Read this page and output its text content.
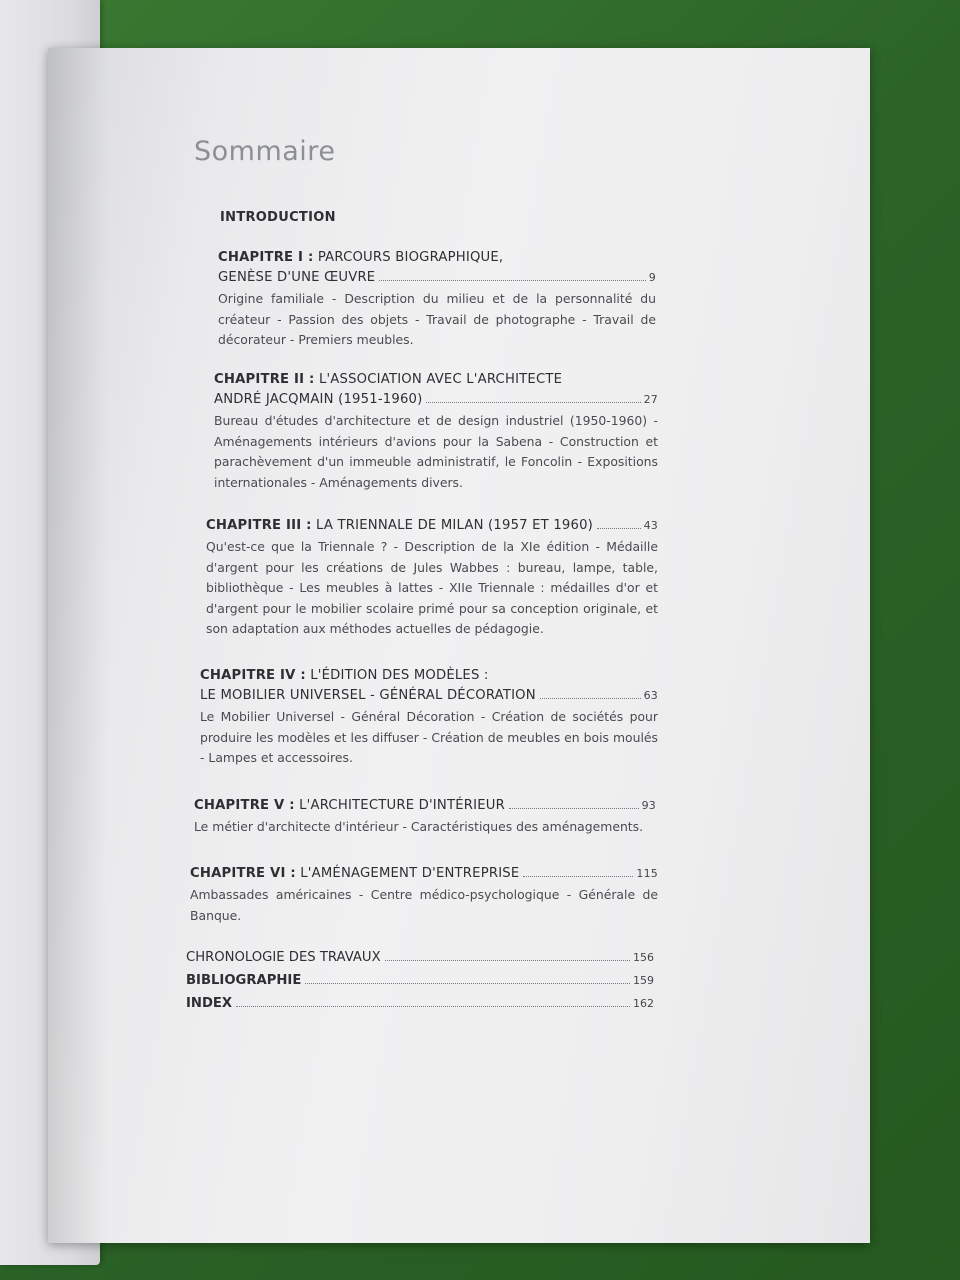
Sommaire
INTRODUCTION
CHAPITRE I : PARCOURS BIOGRAPHIQUE,
GENÈSE D'UNE ŒUVRE	9
Origine familiale - Description du milieu et de la personnalité du créateur - Passion des objets - Travail de photographe - Travail de décorateur - Premiers meubles.
CHAPITRE II : L'ASSOCIATION AVEC L'ARCHITECTE
ANDRÉ JACQMAIN (1951-1960)	27
Bureau d'études d'architecture et de design industriel (1950-1960) - Aménagements intérieurs d'avions pour la Sabena - Construction et parachèvement d'un immeuble administratif, le Foncolin - Expositions internationales - Aménagements divers.
CHAPITRE III : LA TRIENNALE DE MILAN (1957 ET 1960)	43
Qu'est-ce que la Triennale ? - Description de la XIe édition - Médaille d'argent pour les créations de Jules Wabbes : bureau, lampe, table, bibliothèque - Les meubles à lattes - XIIe Triennale : médailles d'or et d'argent pour le mobilier scolaire primé pour sa conception originale, et son adaptation aux méthodes actuelles de pédagogie.
CHAPITRE IV : L'ÉDITION DES MODÈLES :
LE MOBILIER UNIVERSEL - GÉNÉRAL DÉCORATION	63
Le Mobilier Universel - Général Décoration - Création de sociétés pour produire les modèles et les diffuser - Création de meubles en bois moulés - Lampes et accessoires.
CHAPITRE V : L'ARCHITECTURE D'INTÉRIEUR	93
Le métier d'architecte d'intérieur - Caractéristiques des aménagements.
CHAPITRE VI : L'AMÉNAGEMENT D'ENTREPRISE	115
Ambassades américaines - Centre médico-psychologique - Générale de Banque.
CHRONOLOGIE DES TRAVAUX	156
BIBLIOGRAPHIE	159
INDEX	162
